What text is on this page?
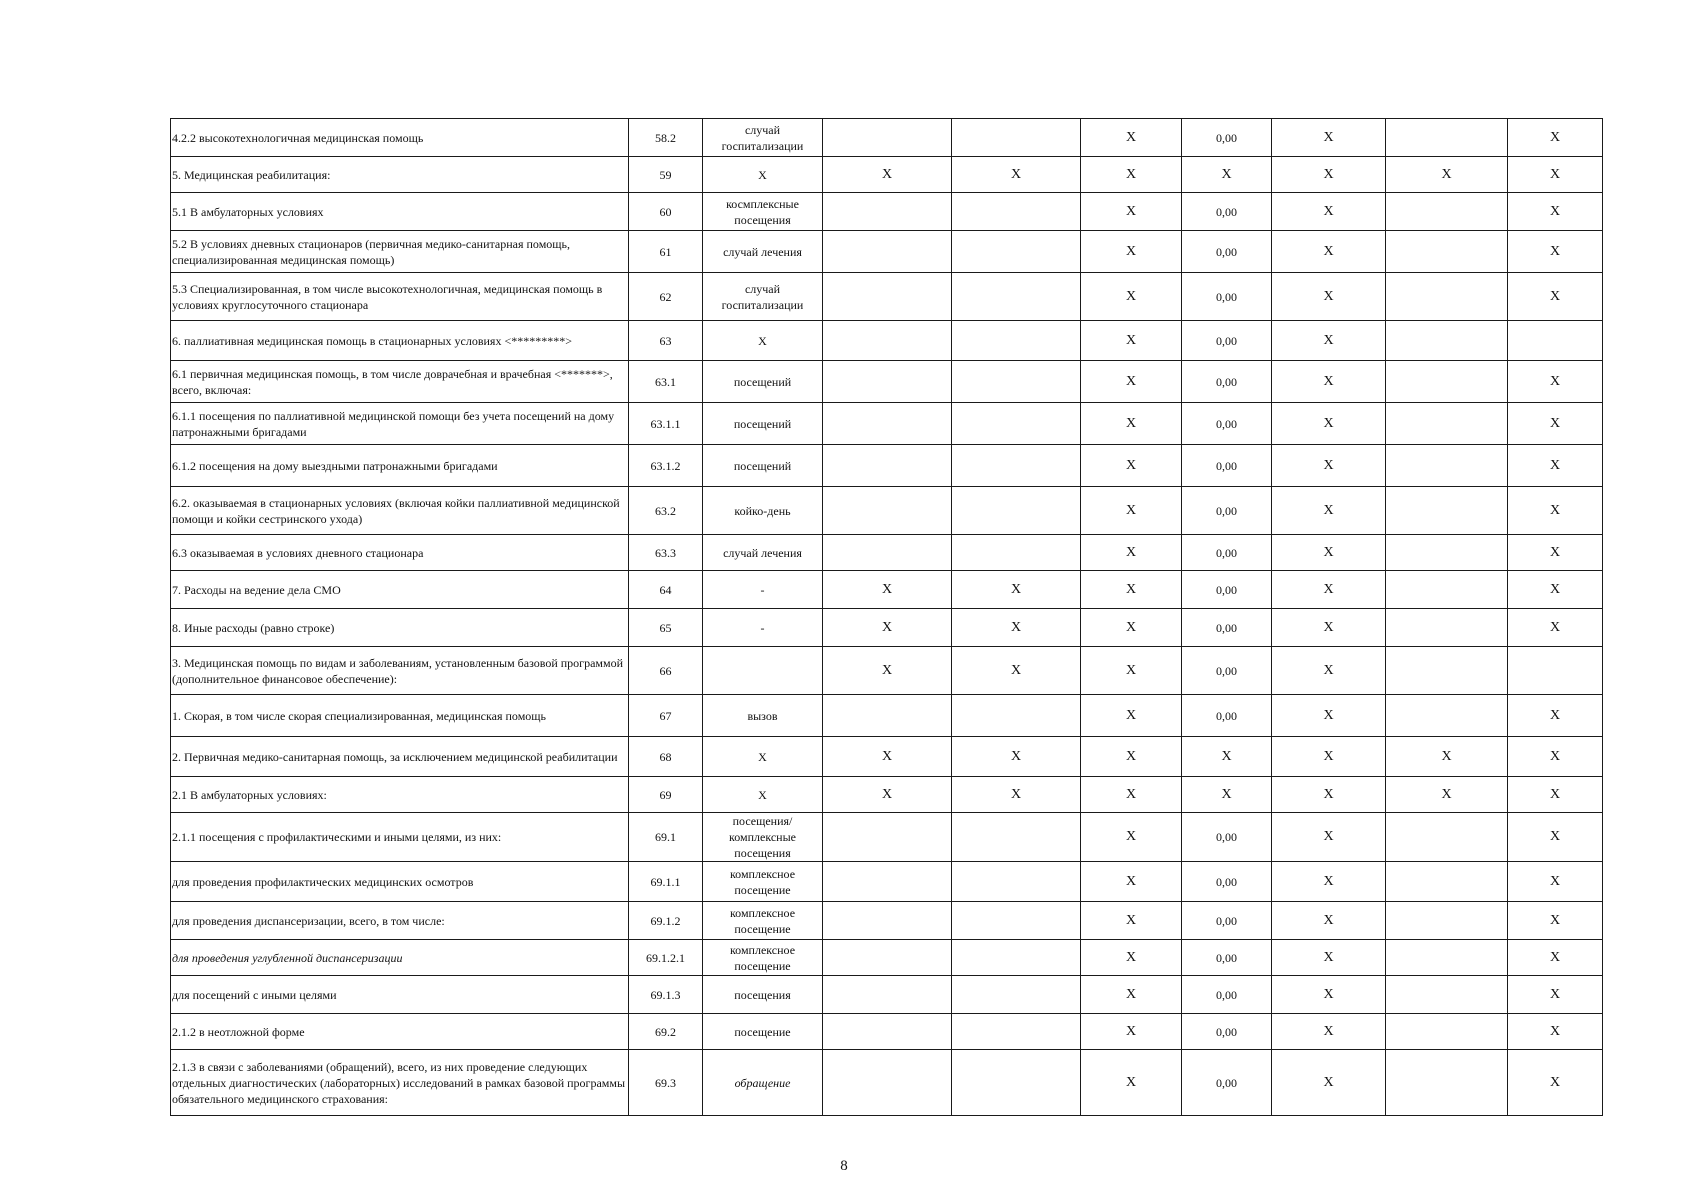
4.2.2 высокотехнологичная медицинская помощь	58.2	случай госпитализации			X	0,00	X		X
5. Медицинская реабилитация:	59	X	X	X	X	X	X	X	X
5.1 В амбулаторных условиях	60	космплексные посещения			X	0,00	X		X
5.2 В условиях дневных стационаров (первичная медико-санитарная помощь, специализированная медицинская помощь)	61	случай лечения			X	0,00	X		X
5.3 Специализированная, в том числе высокотехнологичная, медицинская помощь в условиях круглосуточного стационара	62	случай госпитализации			X	0,00	X		X
6. паллиативная медицинская помощь в стационарных условиях <*********>	63	X			X	0,00	X		
6.1 первичная медицинская помощь, в том числе доврачебная и врачебная <*******>, всего, включая:	63.1	посещений			X	0,00	X		X
6.1.1 посещения по паллиативной медицинской помощи без учета посещений на дому патронажными бригадами	63.1.1	посещений			X	0,00	X		X
6.1.2 посещения на дому выездными патронажными бригадами	63.1.2	посещений			X	0,00	X		X
6.2. оказываемая в стационарных условиях (включая койки паллиативной медицинской помощи и койки сестринского ухода)	63.2	койко-день			X	0,00	X		X
6.3 оказываемая в условиях дневного стационара	63.3	случай лечения			X	0,00	X		X
7. Расходы на ведение дела СМО	64	-	X	X	X	0,00	X		X
8. Иные расходы (равно строке)	65	-	X	X	X	0,00	X		X
3. Медицинская помощь по видам и заболеваниям, установленным базовой программой (дополнительное финансовое обеспечение):	66		X	X	X	0,00	X		
1. Скорая, в том числе скорая специализированная, медицинская помощь	67	вызов			X	0,00	X		X
2. Первичная медико-санитарная помощь, за исключением медицинской реабилитации	68	X	X	X	X	X	X	X	X
2.1 В амбулаторных условиях:	69	X	X	X	X	X	X	X	X
2.1.1 посещения с профилактическими и иными целями, из них:	69.1	посещения/ комплексные посещения			X	0,00	X		X
для проведения профилактических медицинских осмотров	69.1.1	комплексное посещение			X	0,00	X		X
для проведения диспансеризации, всего, в том числе:	69.1.2	комплексное посещение			X	0,00	X		X
для проведения углубленной диспансеризации	69.1.2.1	комплексное посещение			X	0,00	X		X
для посещений с иными целями	69.1.3	посещения			X	0,00	X		X
2.1.2 в неотложной форме	69.2	посещение			X	0,00	X		X
2.1.3 в связи с заболеваниями (обращений), всего, из них проведение следующих отдельных диагностических (лабораторных) исследований в рамках базовой программы обязательного медицинского страхования:	69.3	обращение			X	0,00	X		X
8
